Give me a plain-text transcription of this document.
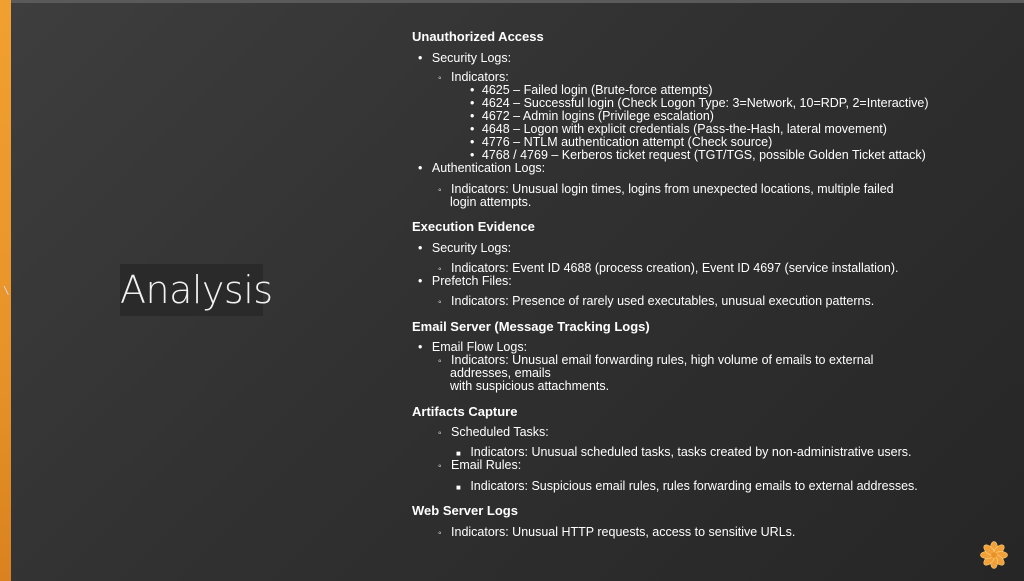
\	Analysis
Unauthorized Access
• Security Logs:
◦ Indicators:
• 4625 – Failed login (Brute-force attempts)
• 4624 – Successful login (Check Logon Type: 3=Network, 10=RDP, 2=Interactive)
• 4672 – Admin logins (Privilege escalation)
• 4648 – Logon with explicit credentials (Pass-the-Hash, lateral movement)
• 4776 – NTLM authentication attempt (Check source)
• 4768 / 4769 – Kerberos ticket request (TGT/TGS, possible Golden Ticket attack)
• Authentication Logs:
◦ Indicators: Unusual login times, logins from unexpected locations, multiple failed
login attempts.
Execution Evidence
• Security Logs:
◦ Indicators: Event ID 4688 (process creation), Event ID 4697 (service installation).
• Prefetch Files:
◦ Indicators: Presence of rarely used executables, unusual execution patterns.
Email Server (Message Tracking Logs)
• Email Flow Logs:
◦ Indicators: Unusual email forwarding rules, high volume of emails to external
addresses, emails
with suspicious attachments.
Artifacts Capture
◦ Scheduled Tasks:
■ Indicators: Unusual scheduled tasks, tasks created by non-administrative users.
◦ Email Rules:
■ Indicators: Suspicious email rules, rules forwarding emails to external addresses.
Web Server Logs
◦ Indicators: Unusual HTTP requests, access to sensitive URLs.
